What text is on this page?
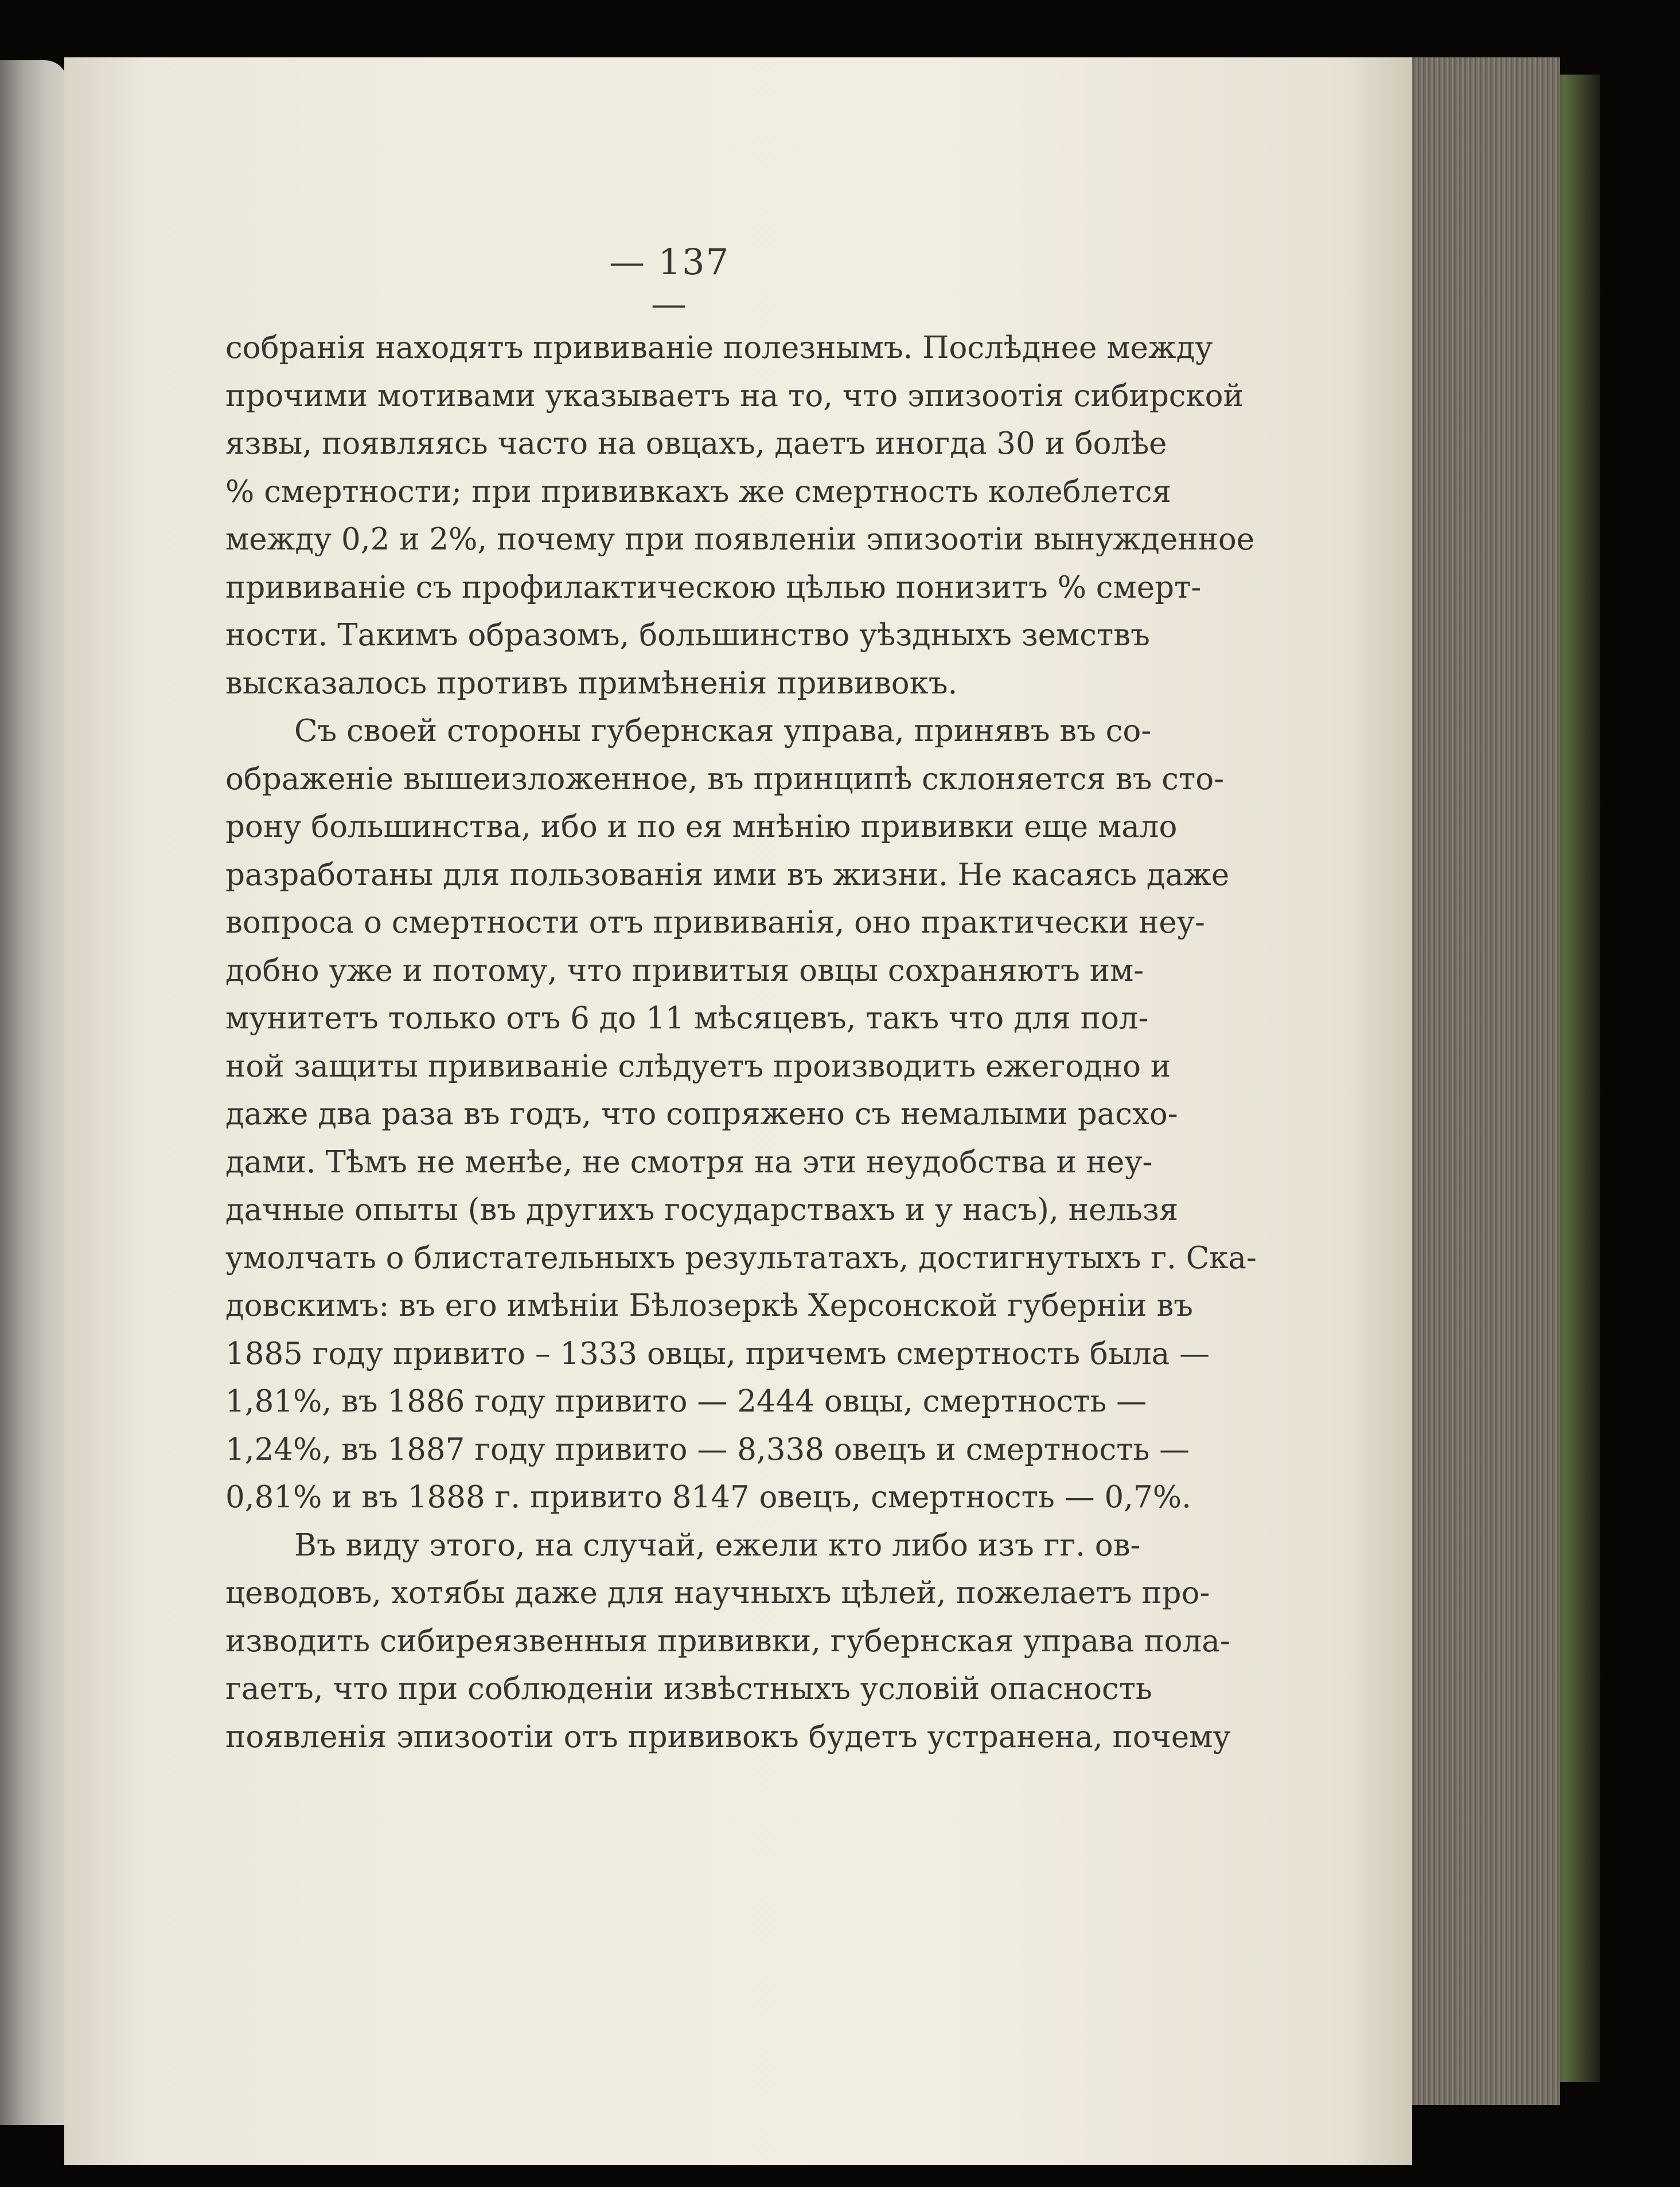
— 137 —
собранія находятъ прививаніе полезнымъ. Послѣднее между
прочими мотивами указываетъ на то, что эпизоотія сибирской
язвы, появляясь часто на овцахъ, даетъ иногда 30 и болѣе
% смертности; при прививкахъ же смертность колеблется
между 0,2 и 2%, почему при появленіи эпизоотіи вынужденное
прививаніе съ профилактическою цѣлью понизитъ % смерт-
ности. Такимъ образомъ, большинство уѣздныхъ земствъ
высказалось противъ примѣненія прививокъ.
Съ своей стороны губернская управа, принявъ въ со-
ображеніе вышеизложенное, въ принципѣ склоняется въ сто-
рону большинства, ибо и по ея мнѣнію прививки еще мало
разработаны для пользованія ими въ жизни. Не касаясь даже
вопроса о смертности отъ прививанія, оно практически неу-
добно уже и потому, что привитыя овцы сохраняютъ им-
мунитетъ только отъ 6 до 11 мѣсяцевъ, такъ что для пол-
ной защиты прививаніе слѣдуетъ производить ежегодно и
даже два раза въ годъ, что сопряжено съ немалыми расхо-
дами. Тѣмъ не менѣе, не смотря на эти неудобства и неу-
дачные опыты (въ другихъ государствахъ и у насъ), нельзя
умолчать о блистательныхъ результатахъ, достигнутыхъ г. Ска-
довскимъ: въ его имѣніи Бѣлозеркѣ Херсонской губерніи въ
1885 году привито – 1333 овцы, причемъ смертность была —
1,81%, въ 1886 году привито — 2444 овцы, смертность —
1,24%, въ 1887 году привито — 8,338 овецъ и смертность —
0,81% и въ 1888 г. привито 8147 овецъ, смертность — 0,7%.
Въ виду этого, на случай, ежели кто либо изъ гг. ов-
цеводовъ, хотябы даже для научныхъ цѣлей, пожелаетъ про-
изводить сибиреязвенныя прививки, губернская управа пола-
гаетъ, что при соблюденіи извѣстныхъ условій опасность
появленія эпизоотіи отъ прививокъ будетъ устранена, почему
